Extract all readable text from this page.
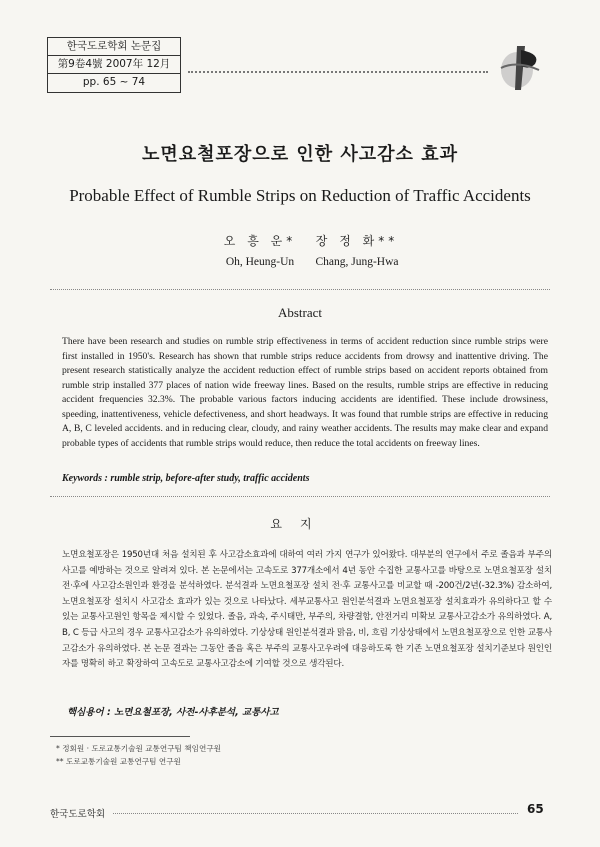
한국도로학회 논문집
第9卷4號 2007年 12月
pp. 65 ~ 74
노면요철포장으로 인한 사고감소 효과
Probable Effect of Rumble Strips on Reduction of Traffic Accidents
오 흥 운*
Oh, Heung-Un
장 정 화**
Chang, Jung-Hwa
Abstract

There have been research and studies on rumble strip effectiveness in terms of accident reduction since rumble strips were first installed in 1950's. Research has shown that rumble strips reduce accidents from drowsy and inattentive driving. The present research statistically analyze the accident reduction effect of rumble strips based on accident reports obtained from rumble strip installed 377 places of nation wide freeway lines. Based on the results, rumble strips are effective in reducing accident frequencies 32.3%. The probable various factors inducing accidents are identified. These include drowsiness, speeding, inattentiveness, vehicle defectiveness, and short headways. It was found that rumble strips are effective in reducing A, B, C leveled accidents. and in reducing clear, cloudy, and rainy weather accidents. The results may make clear and expand probable types of accidents that rumble strips would reduce, then reduce the total accidents on freeway lines.

Keywords : rumble strip, before-after study, traffic accidents
요지

노면요철포장은 1950년대 처음 설치된 후 사고감소효과에 대하여 여러 가지 연구가 있어왔다. 대부분의 연구에서 주로 졸음과 부주의 사고를 예방하는 것으로 알려져 있다. 본 논문에서는 고속도로 377개소에서 4년 동안 수집한 교통사고를 바탕으로 노면요철포장 설치 전·후에 사고감소원인과 환경을 분석하였다. 분석결과 노면요철포장 설치 전·후 교통사고를 비교할 때 -200건/2년(-32.3%) 감소하여, 노면요철포장 설치시 사고감소 효과가 있는 것으로 나타났다. 세부교통사고 원인분석결과 노면요철포장 설치효과가 유의하다고 할 수 있는 교통사고원인 항목을 제시할 수 있었다. 졸음, 과속, 주시태만, 부주의, 차량결함, 안전거리 미확보 교통사고감소가 유의하였다. A, B, C 등급 사고의 경우 교통사고감소가 유의하였다. 기상상태 원인분석결과 맑음, 비, 흐림 기상상태에서 노면요철포장으로 인한 교통사고감소가 유의하였다. 본 논문 결과는 그동안 졸음 혹은 부주의 교통사고우려에 대응하도록 한 기존 노면요철포장 설치기준보다 원인인자를 명확히 하고 확장하여 고속도로 교통사고감소에 기여할 것으로 생각된다.

핵심용어 : 노면요철포장, 사전-사후분석, 교통사고
* 정회원 · 도로교통기술원 교통연구팀 책임연구원
** 도로교통기술원 교통연구팀 연구원
한국도로학회	65
